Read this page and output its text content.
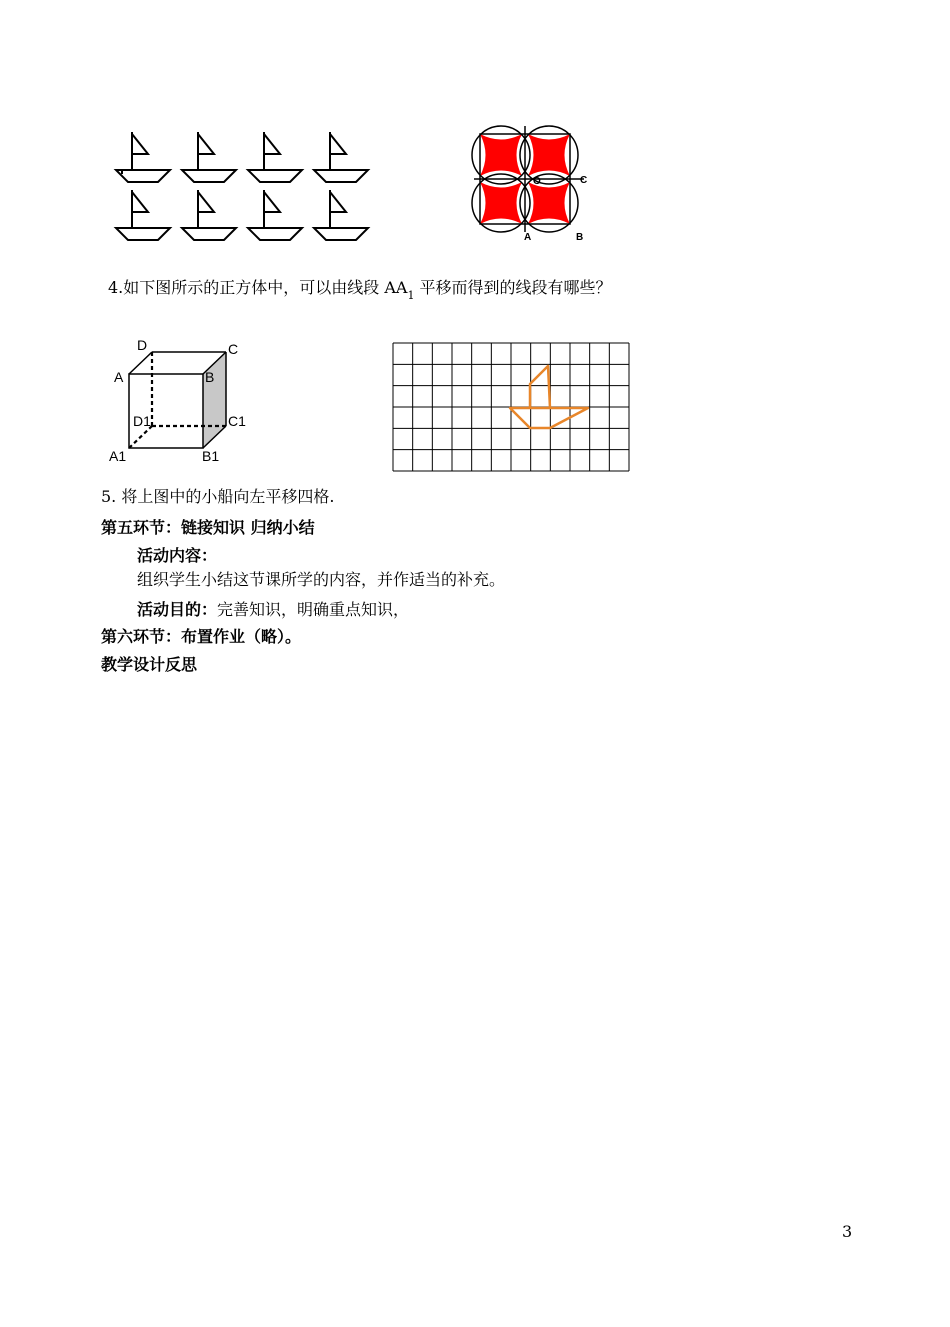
O	C
A	B
4.如下图所示的正方体中，可以由线段 $AA_1$ 平移而得到的线段有哪些？
D	C
A	B
D1	C1
A1	B1
5. 将上图中的小船向左平移四格.
第五环节：链接知识 归纳小结
活动内容：
组织学生小结这节课所学的内容，并作适当的补充。
活动目的：完善知识，明确重点知识，
第六环节：布置作业（略）。
教学设计反思
3
